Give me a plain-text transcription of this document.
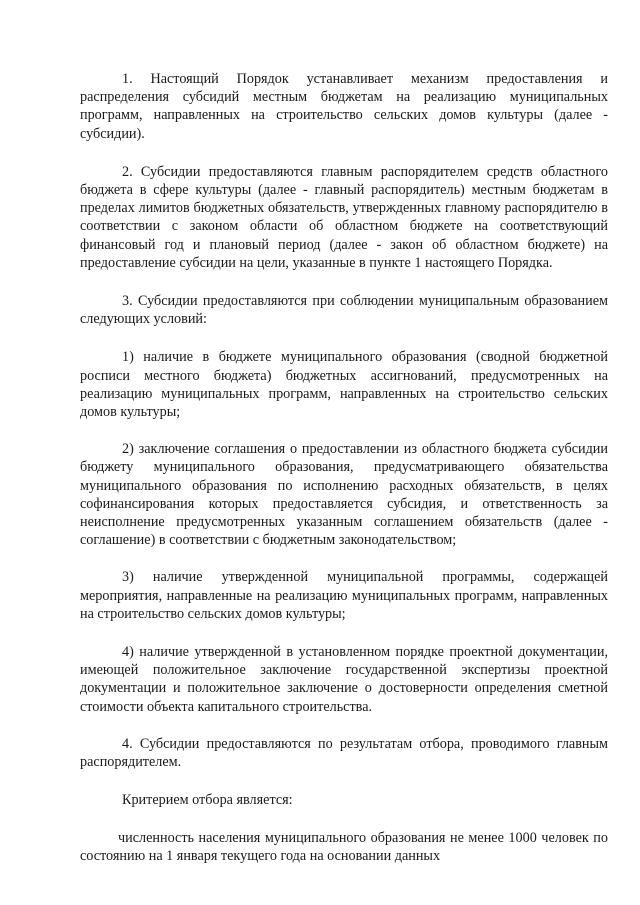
1. Настоящий Порядок устанавливает механизм предоставления и распределения субсидий местным бюджетам на реализацию муниципальных программ, направленных на строительство сельских домов культуры (далее - субсидии).

2. Субсидии предоставляются главным распорядителем средств областного бюджета в сфере культуры (далее - главный распорядитель) местным бюджетам в пределах лимитов бюджетных обязательств, утвержденных главному распорядителю в соответствии с законом области об областном бюджете на соответствующий финансовый год и плановый период (далее - закон об областном бюджете) на предоставление субсидии на цели, указанные в пункте 1 настоящего Порядка.

3. Субсидии предоставляются при соблюдении муниципальным образованием следующих условий:

1) наличие в бюджете муниципального образования (сводной бюджетной росписи местного бюджета) бюджетных ассигнований, предусмотренных на реализацию муниципальных программ, направленных на строительство сельских домов культуры;

2) заключение соглашения о предоставлении из областного бюджета субсидии бюджету муниципального образования, предусматривающего обязательства муниципального образования по исполнению расходных обязательств, в целях софинансирования которых предоставляется субсидия, и ответственность за неисполнение предусмотренных указанным соглашением обязательств (далее - соглашение) в соответствии с бюджетным законодательством;

3) наличие утвержденной муниципальной программы, содержащей мероприятия, направленные на реализацию муниципальных программ, направленных на строительство сельских домов культуры;

4) наличие утвержденной в установленном порядке проектной документации, имеющей положительное заключение государственной экспертизы проектной документации и положительное заключение о достоверности определения сметной стоимости объекта капитального строительства.

4. Субсидии предоставляются по результатам отбора, проводимого главным распорядителем.

Критерием отбора является:

численность населения муниципального образования не менее 1000 человек по состоянию на 1 января текущего года на основании данных
